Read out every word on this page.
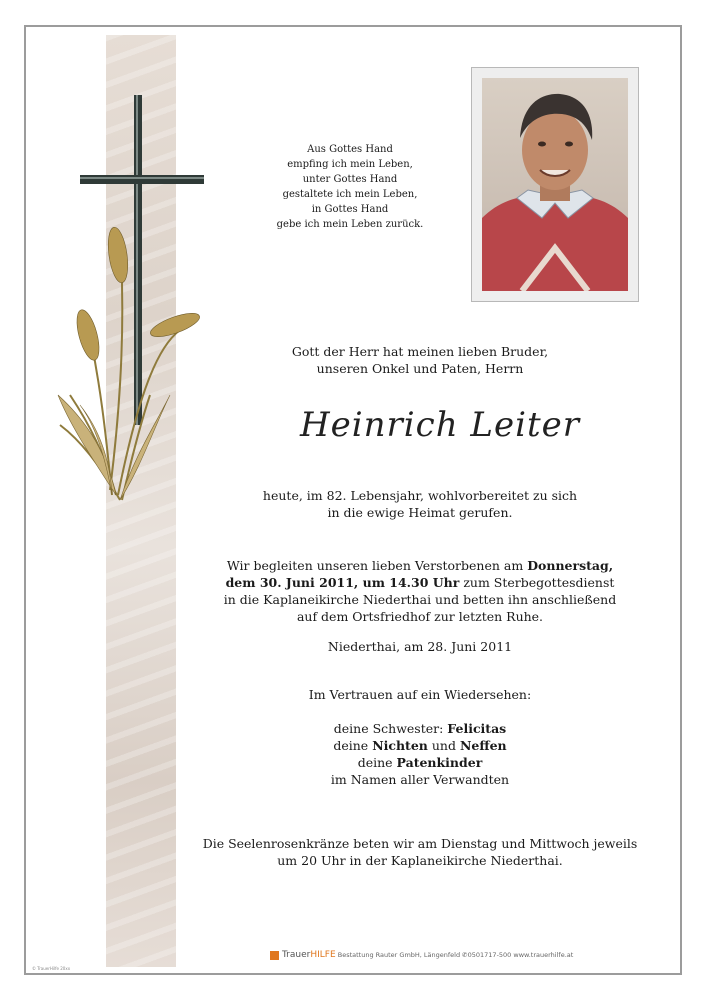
Aus Gottes Hand
empfing ich mein Leben,
unter Gottes Hand
gestaltete ich mein Leben,
in Gottes Hand
gebe ich mein Leben zurück.
Gott der Herr hat meinen lieben Bruder,
unseren Onkel und Paten, Herrn
Heinrich Leiter
heute, im 82. Lebensjahr, wohlvorbereitet zu sich
in die ewige Heimat gerufen.
Wir begleiten unseren lieben Verstorbenen am Donnerstag,
dem 30. Juni 2011, um 14.30 Uhr zum Sterbegottesdienst
in die Kaplaneikirche Niederthai und betten ihn anschließend
auf dem Ortsfriedhof zur letzten Ruhe.
Niederthai, am 28. Juni 2011
Im Vertrauen auf ein Wiedersehen:
deine Schwester: Felicitas
deine Nichten und Neffen
deine Patenkinder
im Namen aller Verwandten
Die Seelenrosenkränze beten wir am Dienstag und Mittwoch jeweils
um 20 Uhr in der Kaplaneikirche Niederthai.
TrauerHILFE Bestattung Rauter GmbH, Längenfeld ✆0501717-500 www.trauerhilfe.at
© TrauerHilfe 20xx
